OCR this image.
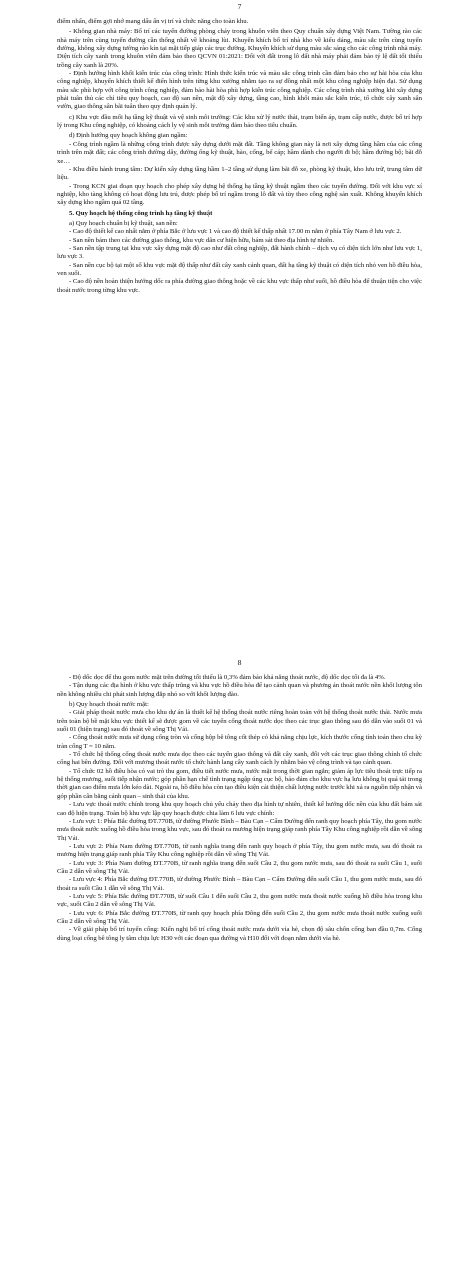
7

điểm nhấn, điểm gợi nhớ mang dấu ấn vị trí và chức năng cho toàn khu.

- Không gian nhà máy: Bố trí các tuyến đường phòng cháy trong khuôn viên theo Quy chuẩn xây dựng Việt Nam. Tường rào các nhà máy trên cùng tuyến đường cần thống nhất về khoảng lùi. Khuyến khích bố trí nhà kho về kiểu dáng, màu sắc trên cùng tuyến đường, không xây dựng tường rào kín tại mặt tiếp giáp các trục đường. Khuyến khích sử dụng màu sắc sáng cho các công trình nhà máy. Diện tích cây xanh trong khuôn viên đảm bảo theo QCVN 01:2021: Đối với đất trong lô đất nhà máy phải đảm bảo tỷ lệ đất tối thiểu trồng cây xanh là 20%.

- Định hướng hình khối kiến trúc của công trình: Hình thức kiến trúc và màu sắc công trình cần đảm bảo cho sự hài hòa của khu công nghiệp, khuyến khích thiết kế điển hình trên từng khu xưởng nhằm tạo ra sự đồng nhất một khu công nghiệp hiện đại. Sử dụng màu sắc phù hợp với công trình công nghiệp, đảm bảo hài hòa phù hợp kiến trúc công nghiệp. Các công trình nhà xưởng khi xây dựng phải tuân thủ các chỉ tiêu quy hoạch, cao độ san nền, mật độ xây dựng, tầng cao, hình khối màu sắc kiến trúc, tổ chức cây xanh sân vườn, giao thông sân bãi tuân theo quy định quản lý.

c) Khu vực đầu mối hạ tầng kỹ thuật và vệ sinh môi trường: Các khu xử lý nước thải, trạm biến áp, trạm cấp nước, được bố trí hợp lý trong Khu công nghiệp, có khoảng cách ly vệ sinh môi trường đảm bảo theo tiêu chuẩn.

d) Định hướng quy hoạch không gian ngầm:

- Công trình ngầm là những công trình được xây dựng dưới mặt đất. Tầng không gian này là nơi xây dựng tầng hầm của các công trình trên mặt đất; các công trình đường dây, đường ống kỹ thuật, hào, cống, bể cáp; hầm dành cho người đi bộ; hầm đường bộ; bãi đỗ xe…

- Khu điều hành trung tâm: Dự kiến xây dựng tầng hầm 1–2 tầng sử dụng làm bãi đỗ xe, phòng kỹ thuật, kho lưu trữ, trung tâm dữ liệu.

- Trong KCN giai đoạn quy hoạch cho phép xây dựng hệ thống hạ tầng kỹ thuật ngầm theo các tuyến đường. Đối với khu vực xí nghiệp, kho tàng không có hoạt động lưu trú, được phép bố trí ngầm trong lô đất và tùy theo công nghệ sản xuất. Không khuyến khích xây dựng kho ngầm quá 02 tầng.

5. Quy hoạch hệ thống công trình hạ tầng kỹ thuật

a) Quy hoạch chuẩn bị kỹ thuật, san nền:

- Cao độ thiết kế cao nhất nằm ở phía Bắc ở lưu vực 1 và cao độ thiết kế thấp nhất 17.00 m nằm ở phía Tây Nam ở lưu vực 2.

- San nền bám theo các đường giao thông, khu vực dân cư hiện hữu, bám sát theo địa hình tự nhiên.

- San nền tập trung tại khu vực xây dựng mặt độ cao như đất công nghiệp, đất hành chính – dịch vụ có diện tích lớn như lưu vực 1, lưu vực 3.

- San nền cục bộ tại một số khu vực mặt độ thấp như đất cây xanh cảnh quan, đất hạ tầng kỹ thuật có diện tích nhỏ ven hồ điều hòa, ven suối.

- Cao độ nền hoàn thiện hướng dốc ra phía đường giao thông hoặc về các khu vực thấp như suối, hồ điều hòa để thuận tiện cho việc thoát nước trong từng khu vực.

8

- Độ dốc dọc để thu gom nước mặt trên đường tối thiểu là 0,3% đảm bảo khả năng thoát nước, độ dốc dọc tối đa là 4%.

- Tận dụng các địa hình ở khu vực thấp trũng và khu vực hồ điều hòa để tạo cảnh quan và phương án thoát nước nền khối lượng tôn nền không nhiều chi phát sinh lượng đắp nhỏ so với khối lượng đào.

b) Quy hoạch thoát nước mặt:

- Giải pháp thoát nước mưa cho khu dự án là thiết kế hệ thống thoát nước riêng hoàn toàn với hệ thống thoát nước thải. Nước mưa trên toàn bộ bề mặt khu vực thiết kế sẽ được gom về các tuyến cống thoát nước dọc theo các trục giao thông sau đó dẫn vào suối 01 và suối 01 (hiện trạng) sau đó thoát về sông Thị Vải.

- Cống thoát nước mưa sử dụng cống tròn và cống hộp bê tông cốt thép có khả năng chịu lực, kích thước cống tính toán theo chu kỳ tràn cống T = 10 năm.

- Tổ chức hệ thống cống thoát nước mưa dọc theo các tuyến giao thông và đất cây xanh, đối với các trục giao thông chính tổ chức cống hai bên đường. Đối với mương thoát nước tổ chức hành lang cây xanh cách ly nhằm bảo vệ công trình và tạo cảnh quan.

- Tổ chức 02 hồ điều hòa có vai trò thu gom, điều tiết nước mưa, nước mặt trong thời gian ngắn; giảm áp lực tiêu thoát trực tiếp ra hệ thống mương, suối tiếp nhận nước; góp phần hạn chế tình trạng ngập úng cục bộ, bảo đảm cho khu vực hạ lưu không bị quá tải trong thời gian cao điểm mưa lớn kéo dài. Ngoài ra, hồ điều hòa còn tạo điều kiện cải thiện chất lượng nước trước khi xả ra nguồn tiếp nhận và góp phần cân bằng cảnh quan – sinh thái của khu.

- Lưu vực thoát nước chính trong khu quy hoạch chủ yếu chảy theo địa hình tự nhiên, thiết kế hướng dốc nền của khu đất bám sát cao độ hiện trạng. Toàn bộ khu vực lập quy hoạch được chia làm 6 lưu vực chính:

- Lưu vực 1: Phía Bắc đường ĐT.770B, từ đường Phước Bình – Bàu Cạn – Cẩm Đường đến ranh quy hoạch phía Tây, thu gom nước mưa thoát nước xuống hồ điều hòa trong khu vực, sau đó thoát ra mương hiện trạng giáp ranh phía Tây Khu công nghiệp rồi dẫn về sông Thị Vải.

- Lưu vực 2: Phía Nam đường ĐT.770B, từ ranh nghĩa trang đến ranh quy hoạch ở phía Tây, thu gom nước mưa, sau đó thoát ra mương hiện trạng giáp ranh phía Tây Khu công nghiệp rồi dẫn về sông Thị Vải.

- Lưu vực 3: Phía Nam đường ĐT.770B, từ ranh nghĩa trang đến suối Cầu 2, thu gom nước mưa, sau đó thoát ra suối Cầu 1, suối Cầu 2 dẫn về sông Thị Vải.

- Lưu vực 4: Phía Bắc đường ĐT.770B, từ đường Phước Bình – Bàu Cạn – Cẩm Đường đến suối Cầu 1, thu gom nước mưa, sau đó thoát ra suối Cầu 1 dẫn về sông Thị Vải.

- Lưu vực 5: Phía Bắc đường ĐT.770B, từ suối Cầu 1 đến suối Cầu 2, thu gom nước mưa thoát nước xuống hồ điều hòa trong khu vực, suối Cầu 2 dẫn về sông Thị Vải.

- Lưu vực 6: Phía Bắc đường ĐT.770B, từ ranh quy hoạch phía Đông đến suối Cầu 2, thu gom nước mưa thoát nước xuống suối Cầu 2 dẫn về sông Thị Vải.

- Về giải pháp bố trí tuyến cống: Kiến nghị bố trí cống thoát nước mưa dưới vỉa hè, chọn độ sâu chôn cống ban đầu 0,7m. Cống dùng loại cống bê tông ly tâm chịu lực H30 với các đoạn qua đường và H10 đối với đoạn nằm dưới vỉa hè.
